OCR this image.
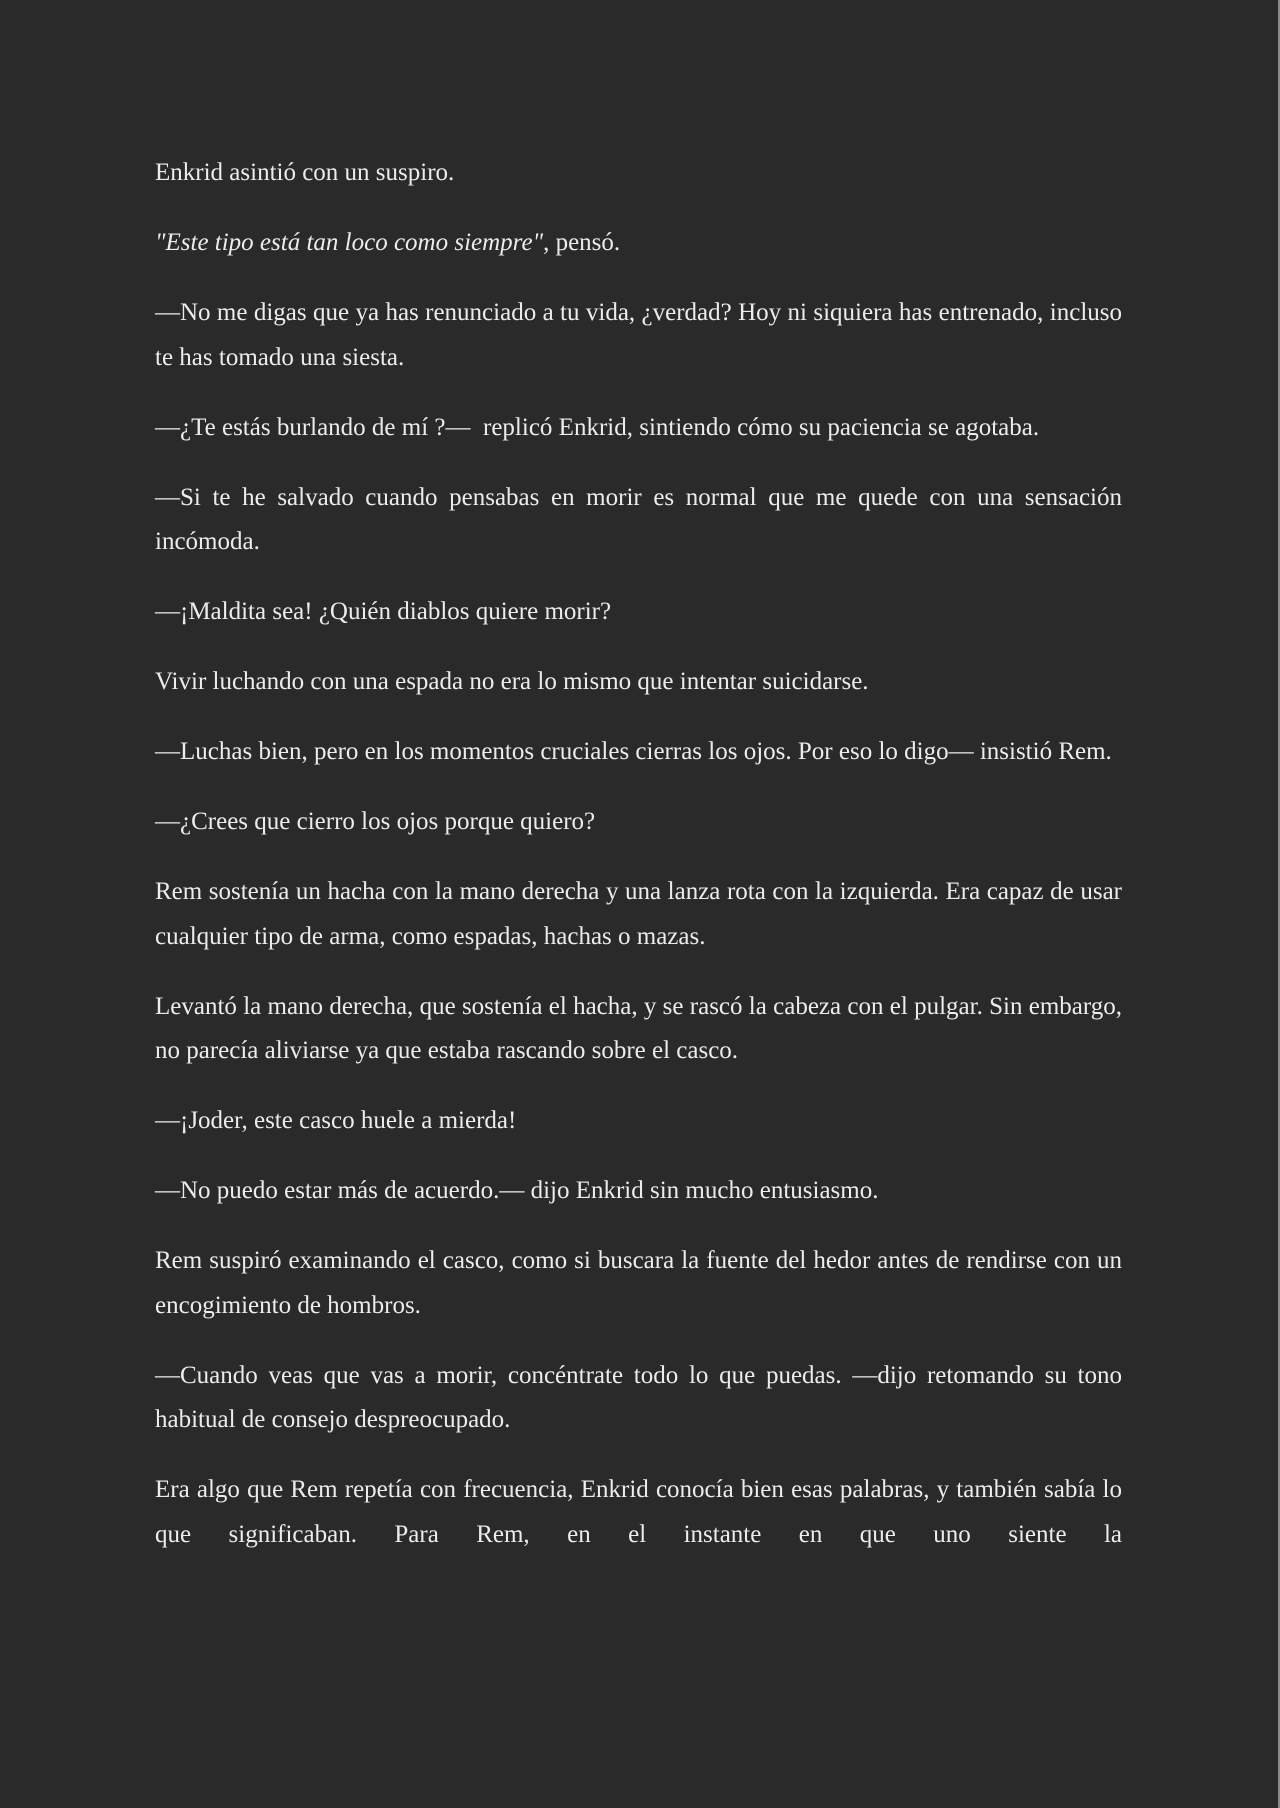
Enkrid asintió con un suspiro.

"Este tipo está tan loco como siempre", pensó.

—No me digas que ya has renunciado a tu vida, ¿verdad? Hoy ni siquiera has entrenado, incluso te has tomado una siesta.

—¿Te estás burlando de mí ?—  replicó Enkrid, sintiendo cómo su paciencia se agotaba.

—Si te he salvado cuando pensabas en morir es normal que me quede con una sensación incómoda.

—¡Maldita sea! ¿Quién diablos quiere morir?

Vivir luchando con una espada no era lo mismo que intentar suicidarse.

—Luchas bien, pero en los momentos cruciales cierras los ojos. Por eso lo digo— insistió Rem.

—¿Crees que cierro los ojos porque quiero?

Rem sostenía un hacha con la mano derecha y una lanza rota con la izquierda. Era capaz de usar cualquier tipo de arma, como espadas, hachas o mazas.

Levantó la mano derecha, que sostenía el hacha, y se rascó la cabeza con el pulgar. Sin embargo, no parecía aliviarse ya que estaba rascando sobre el casco.

—¡Joder, este casco huele a mierda!

—No puedo estar más de acuerdo.— dijo Enkrid sin mucho entusiasmo.

Rem suspiró examinando el casco, como si buscara la fuente del hedor antes de rendirse con un encogimiento de hombros.

—Cuando veas que vas a morir, concéntrate todo lo que puedas. —dijo retomando su tono habitual de consejo despreocupado.

Era algo que Rem repetía con frecuencia, Enkrid conocía bien esas palabras, y también sabía lo que significaban. Para Rem, en el instante en que uno siente la
